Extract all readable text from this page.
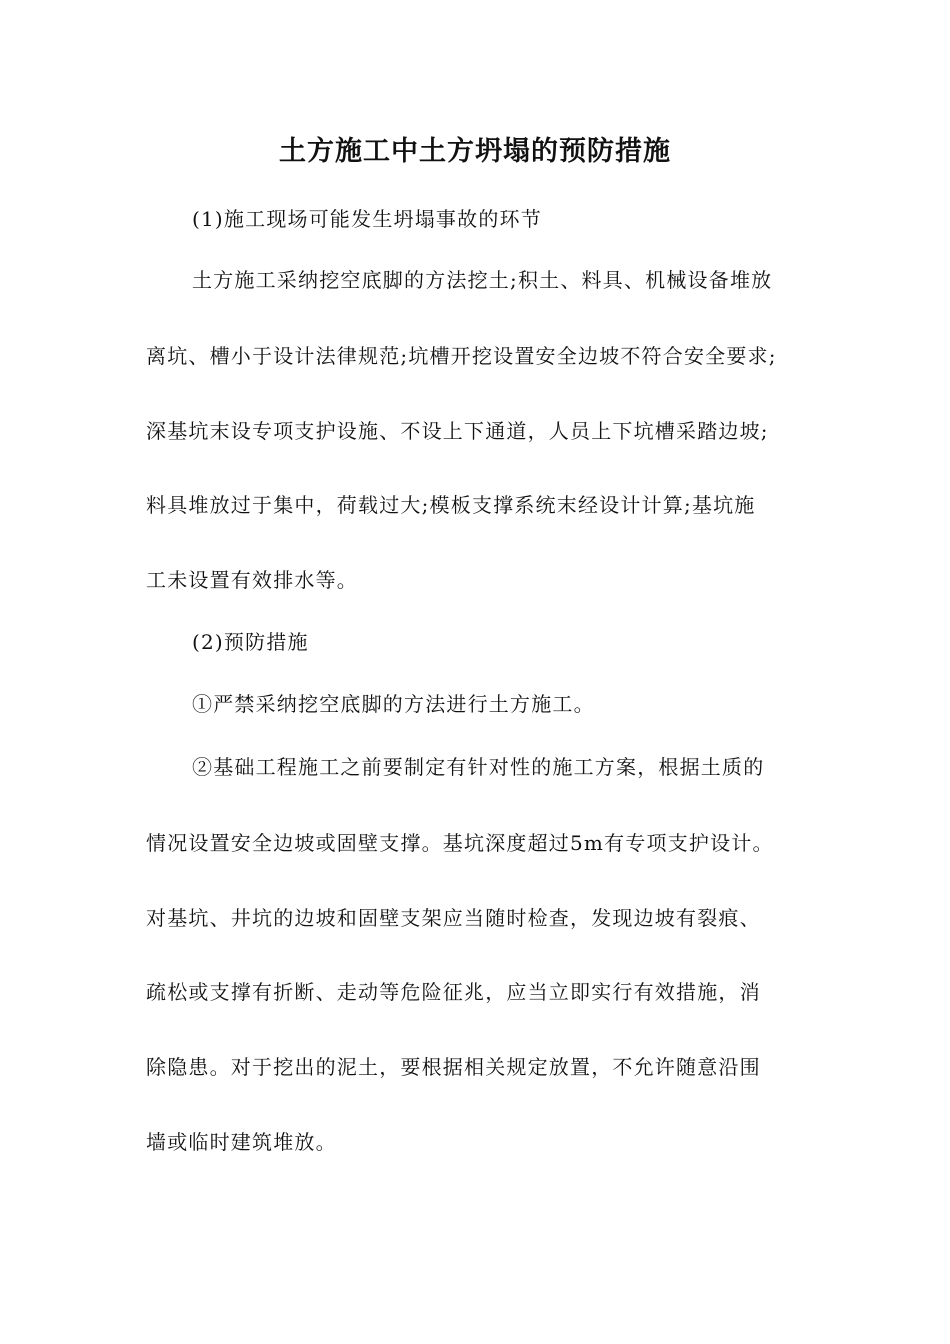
土方施工中土方坍塌的预防措施
(1)施工现场可能发生坍塌事故的环节
土方施工采纳挖空底脚的方法挖土;积土、料具、机械设备堆放
离坑、槽小于设计法律规范;坑槽开挖设置安全边坡不符合安全要求;
深基坑末设专项支护设施、不设上下通道，人员上下坑槽采踏边坡;
料具堆放过于集中，荷载过大;模板支撑系统末经设计计算;基坑施
工未设置有效排水等。
(2)预防措施
①严禁采纳挖空底脚的方法进行土方施工。
②基础工程施工之前要制定有针对性的施工方案，根据土质的
情况设置安全边坡或固壁支撑。基坑深度超过5m有专项支护设计。
对基坑、井坑的边坡和固壁支架应当随时检查，发现边坡有裂痕、
疏松或支撑有折断、走动等危险征兆，应当立即实行有效措施，消
除隐患。对于挖出的泥土，要根据相关规定放置，不允许随意沿围
墙或临时建筑堆放。
